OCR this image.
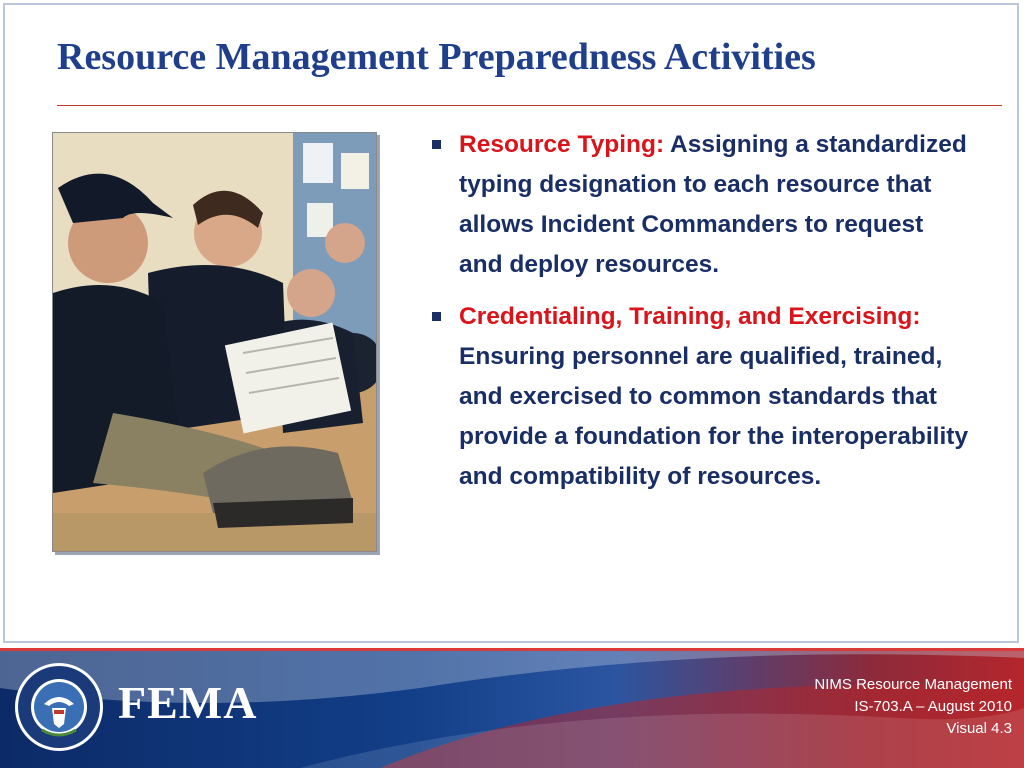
Resource Management Preparedness Activities
Resource Typing: Assigning a standardized typing designation to each resource that allows Incident Commanders to request and deploy resources.
Credentialing, Training, and Exercising: Ensuring personnel are qualified, trained, and exercised to common standards that provide a foundation for the interoperability and compatibility of resources.
FEMA	NIMS Resource Management
IS-703.A – August 2010
Visual 4.3
